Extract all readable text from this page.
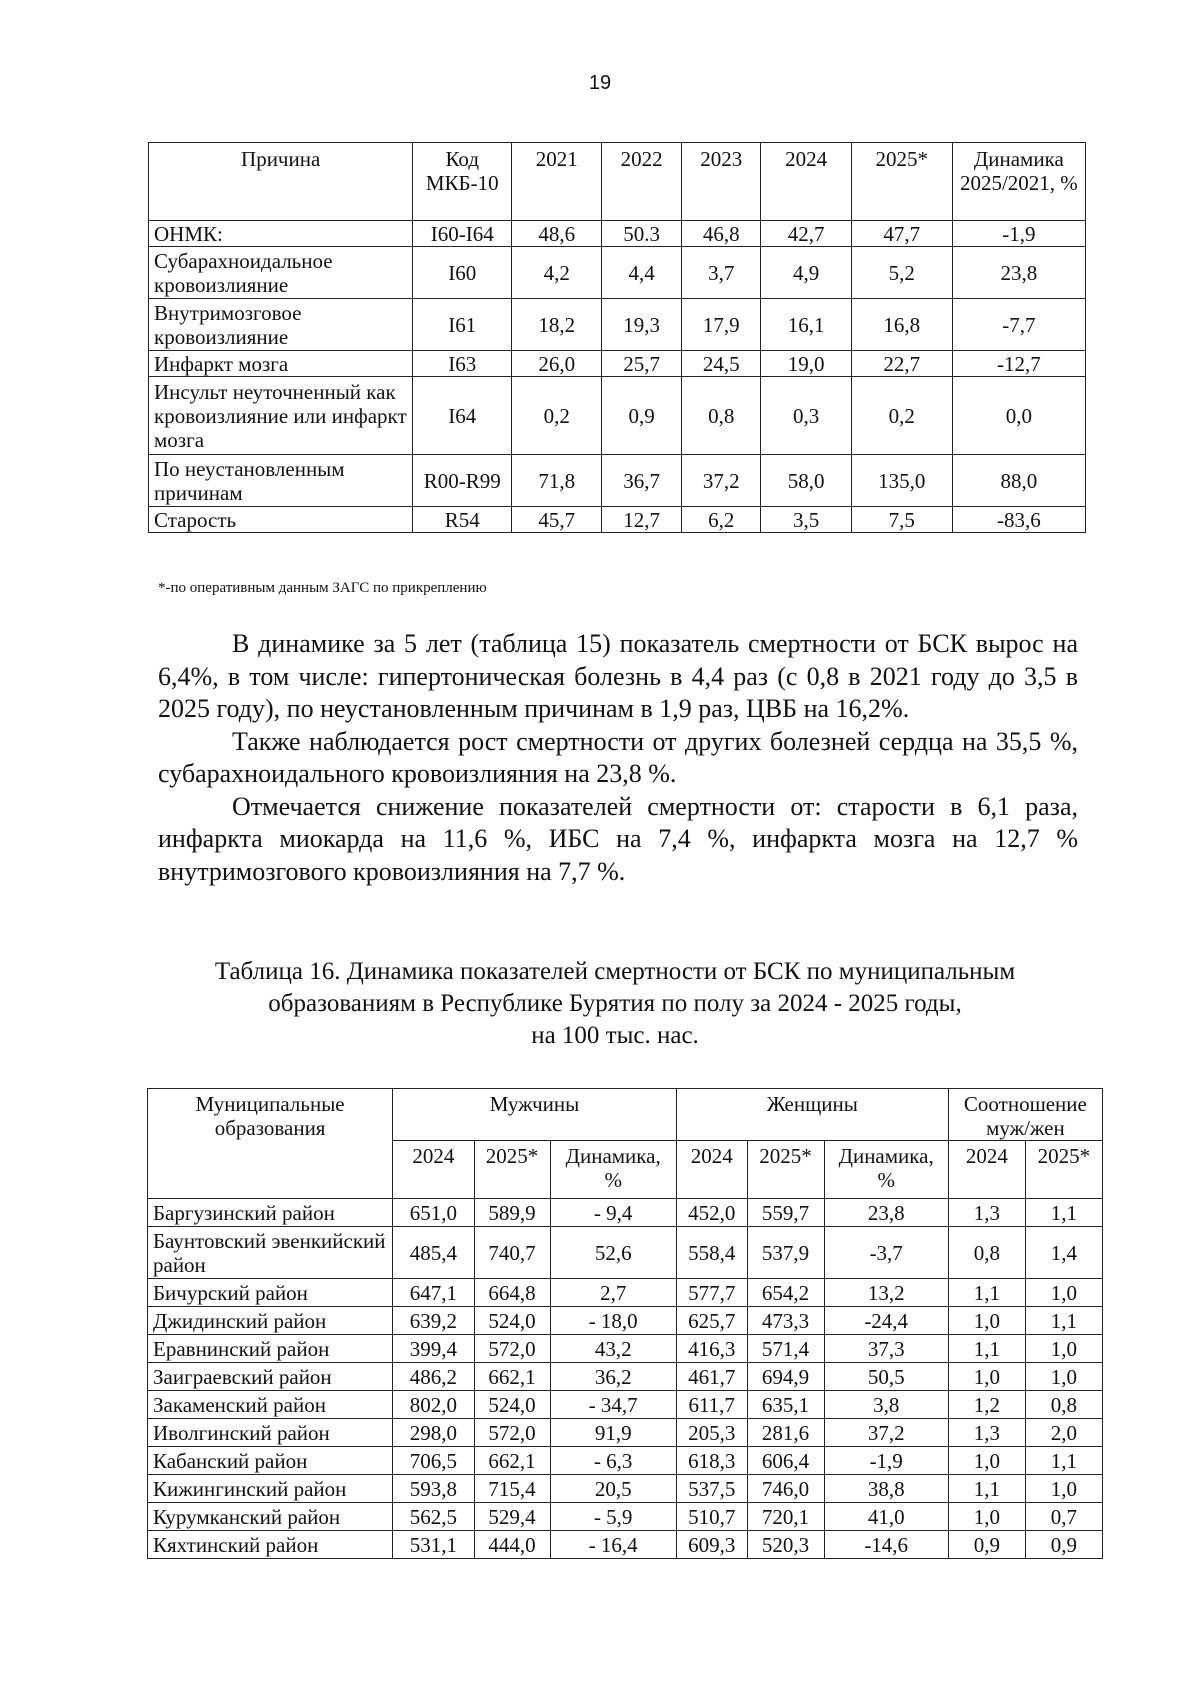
19
Причина	Код МКБ-10	2021	2022	2023	2024	2025*	Динамика 2025/2021, %
ОНМК:	I60-I64	48,6	50.3	46,8	42,7	47,7	-1,9
Субарахноидальное кровоизлияние	I60	4,2	4,4	3,7	4,9	5,2	23,8
Внутримозговое кровоизлияние	I61	18,2	19,3	17,9	16,1	16,8	-7,7
Инфаркт мозга	I63	26,0	25,7	24,5	19,0	22,7	-12,7
Инсульт неуточненный как кровоизлияние или инфаркт мозга	I64	0,2	0,9	0,8	0,3	0,2	0,0
По неустановленным причинам	R00-R99	71,8	36,7	37,2	58,0	135,0	88,0
Старость	R54	45,7	12,7	6,2	3,5	7,5	-83,6
*-по оперативным данным ЗАГС по прикреплению

В динамике за 5 лет (таблица 15) показатель смертности от БСК вырос на 6,4%, в том числе: гипертоническая болезнь в 4,4 раз (с 0,8 в 2021 году до 3,5 в 2025 году), по неустановленным причинам в 1,9 раз, ЦВБ на 16,2%.

Также наблюдается рост смертности от других болезней сердца на 35,5 %, субарахноидального кровоизлияния на 23,8 %.

Отмечается снижение показателей смертности от: старости в 6,1 раза, инфаркта миокарда на 11,6 %, ИБС на 7,4 %, инфаркта мозга на 12,7 % внутримозгового кровоизлияния на 7,7 %.

Таблица 16. Динамика показателей смертности от БСК по муниципальным
образованиям в Республике Бурятия по полу за 2024 - 2025 годы,
на 100 тыс. нас.
Муниципальные образования	Мужчины			Женщины			Соотношение муж/жен	
	2024	2025*	Динамика, %	2024	2025*	Динамика, %	2024	2025*
Баргузинский район	651,0	589,9	- 9,4	452,0	559,7	23,8	1,3	1,1
Баунтовский эвенкийский район	485,4	740,7	52,6	558,4	537,9	-3,7	0,8	1,4
Бичурский район	647,1	664,8	2,7	577,7	654,2	13,2	1,1	1,0
Джидинский район	639,2	524,0	- 18,0	625,7	473,3	-24,4	1,0	1,1
Еравнинский район	399,4	572,0	43,2	416,3	571,4	37,3	1,1	1,0
Заиграевский район	486,2	662,1	36,2	461,7	694,9	50,5	1,0	1,0
Закаменский район	802,0	524,0	- 34,7	611,7	635,1	3,8	1,2	0,8
Иволгинский район	298,0	572,0	91,9	205,3	281,6	37,2	1,3	2,0
Кабанский район	706,5	662,1	- 6,3	618,3	606,4	-1,9	1,0	1,1
Кижингинский район	593,8	715,4	20,5	537,5	746,0	38,8	1,1	1,0
Курумканский район	562,5	529,4	- 5,9	510,7	720,1	41,0	1,0	0,7
Кяхтинский район	531,1	444,0	- 16,4	609,3	520,3	-14,6	0,9	0,9
